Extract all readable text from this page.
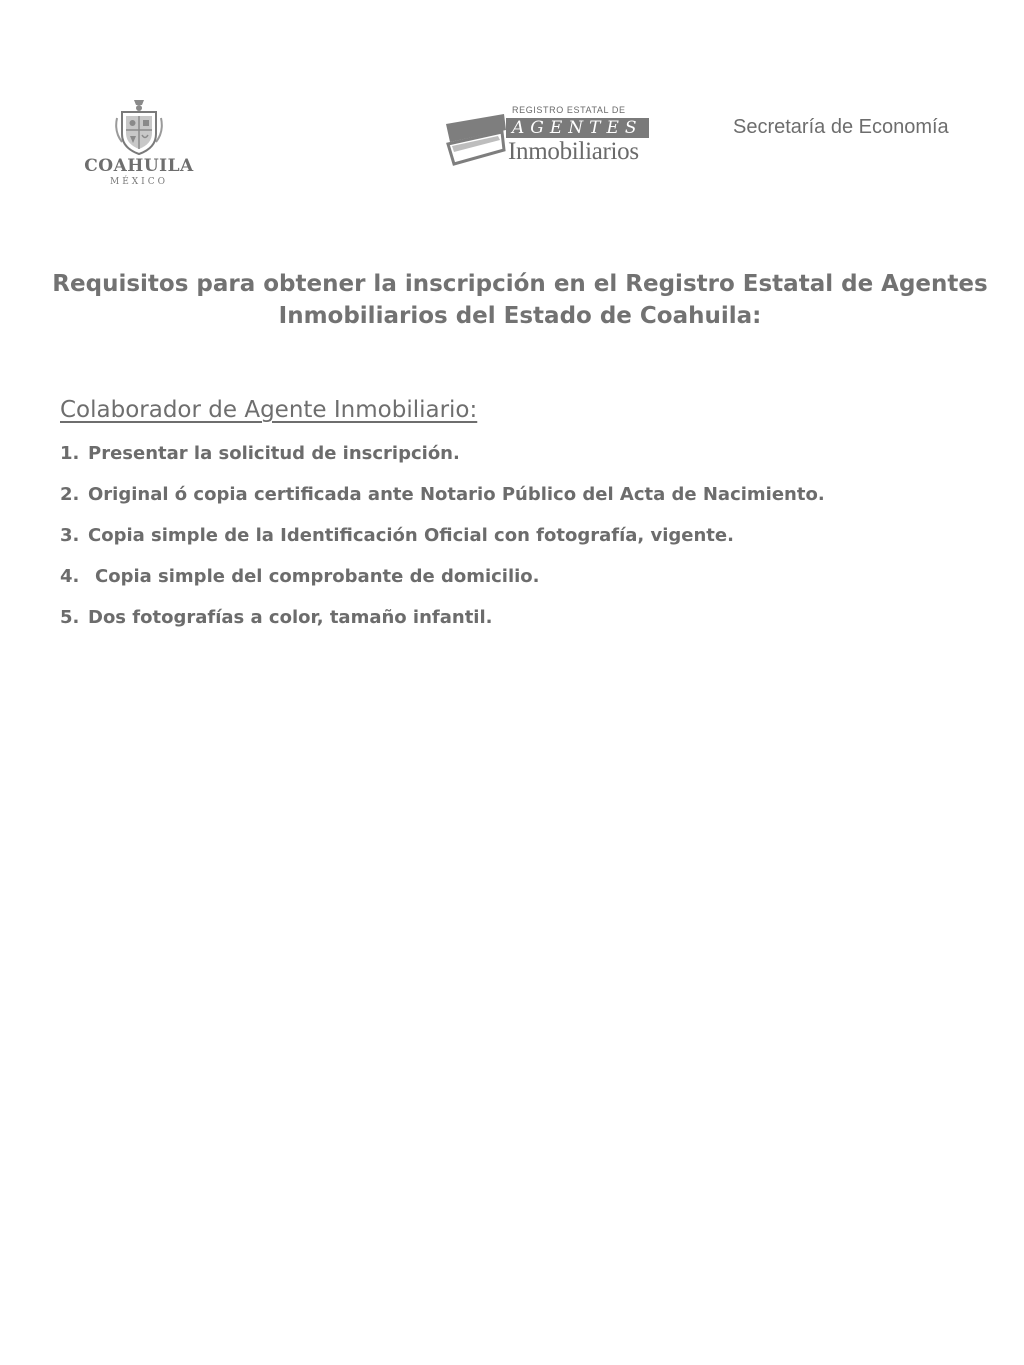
COAHUILA
MÉXICO
REGISTRO ESTATAL DE
AGENTES
Inmobiliarios
Secretaría de Economía
Requisitos para obtener la inscripción en el Registro Estatal de Agentes
Inmobiliarios del Estado de Coahuila:
Colaborador de Agente Inmobiliario:
1. Presentar la solicitud de inscripción.
2. Original ó copia certificada ante Notario Público del Acta de Nacimiento.
3. Copia simple de la Identificación Oficial con fotografía, vigente.
4. Copia simple del comprobante de domicilio.
5. Dos fotografías a color, tamaño infantil.
